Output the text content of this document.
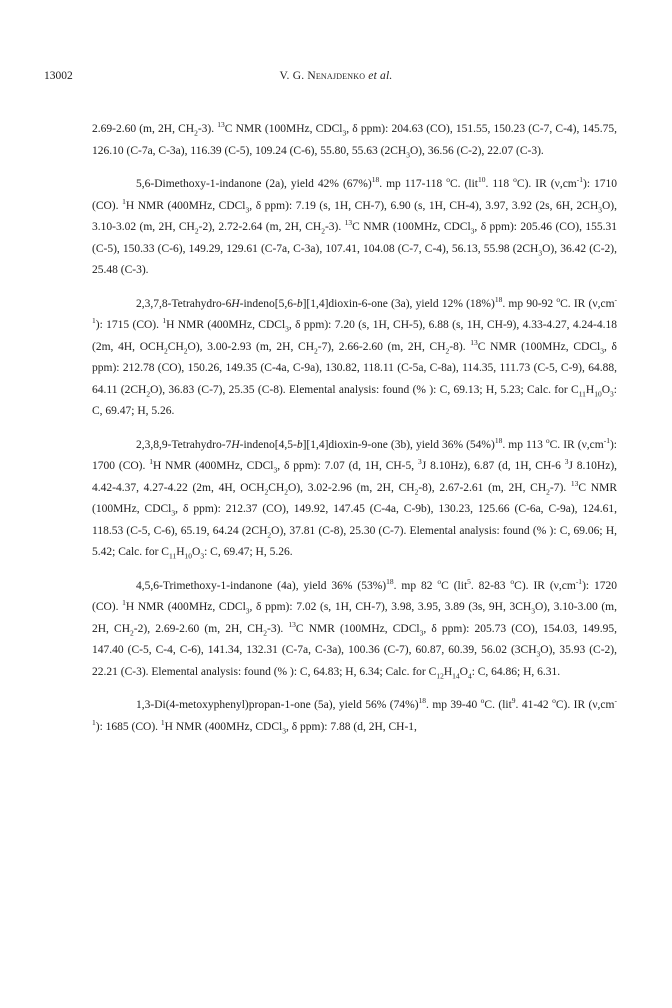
13002	V. G. Nenajdenko et al.

2.69-2.60 (m, 2H, $CH_2-3$). $^{13}$C NMR (100MHz, CDCl$_3$, δ ppm): 204.63 (CO), 151.55, 150.23 (C-7, C-4), 145.75, 126.10 (C-7a, C-3a), 116.39 (C-5), 109.24 (C-6), 55.80, 55.63 $(2CH_3O)$, 36.56 (C-2), 22.07 (C-3).

5,6-Dimethoxy-1-indanone (2a), yield 42% $(67\%)^{18}$. mp 117-118 $^o$C. (lit$^{10}$. 118 $^o$C). IR $(\nu,cm^{-1})$: 1710 (CO). $^1$H NMR (400MHz, CDCl$_3$, δ ppm): 7.19 (s, 1H, CH-7), 6.90 (s, 1H, CH-4), 3.97, 3.92 (2s, 6H, $2CH_3O$), 3.10-3.02 (m, 2H, $CH_2-2$), 2.72-2.64 (m, 2H, $CH_2-3$). $^{13}$C NMR (100MHz, CDCl$_3$, δ ppm): 205.46 (CO), 155.31 (C-5), 150.33 (C-6), 149.29, 129.61 (C-7a, C-3a), 107.41, 104.08 (C-7, C-4), 56.13, 55.98 $(2CH_3O)$, 36.42 (C-2), 25.48 (C-3).

2,3,7,8-Tetrahydro-6H-indeno[5,6-b][1,4]dioxin-6-one (3a), yield 12% $(18\%)^{18}$. mp 90-92 $^o$C. IR $(\nu,cm^{-1})$: 1715 (CO). $^1$H NMR (400MHz, CDCl$_3$, δ ppm): 7.20 (s, 1H, CH-5), 6.88 (s, 1H, CH-9), 4.33-4.27, 4.24-4.18 (2m, 4H, $OCH_2CH_2O$), 3.00-2.93 (m, 2H, $CH_2-7$), 2.66-2.60 (m, 2H, $CH_2-8$). $^{13}$C NMR (100MHz, CDCl$_3$, δ ppm): 212.78 (CO), 150.26, 149.35 (C-4a, C-9a), 130.82, 118.11 (C-5a, C-8a), 114.35, 111.73 (C-5, C-9), 64.88, 64.11 $(2CH_2O)$, 36.83 (C-7), 25.35 (C-8). Elemental analysis: found (% ): C, 69.13; H, 5.23; Calc. for $C_{11}H_{10}O_3$: C, 69.47; H, 5.26.

2,3,8,9-Tetrahydro-7H-indeno[4,5-b][1,4]dioxin-9-one (3b), yield 36% $(54\%)^{18}$. mp 113 $^o$C. IR $(\nu,cm^{-1})$: 1700 (CO). $^1$H NMR (400MHz, CDCl$_3$, δ ppm): 7.07 (d, 1H, CH-5, $^3$J 8.10Hz), 6.87 (d, 1H, CH-6 $^3$J 8.10Hz), 4.42-4.37, 4.27-4.22 (2m, 4H, $OCH_2CH_2O$), 3.02-2.96 (m, 2H, $CH_2-8$), 2.67-2.61 (m, 2H, $CH_2-7$). $^{13}$C NMR (100MHz, CDCl$_3$, δ ppm): 212.37 (CO), 149.92, 147.45 (C-4a, C-9b), 130.23, 125.66 (C-6a, C-9a), 124.61, 118.53 (C-5, C-6), 65.19, 64.24 $(2CH_2O)$, 37.81 (C-8), 25.30 (C-7). Elemental analysis: found (% ): C, 69.06; H, 5.42; Calc. for $C_{11}H_{10}O_3$: C, 69.47; H, 5.26.

4,5,6-Trimethoxy-1-indanone (4a), yield 36% $(53\%)^{18}$. mp 82 $^o$C (lit$^5$. 82-83 $^o$C). IR $(\nu,cm^{-1})$: 1720 (CO). $^1$H NMR (400MHz, CDCl$_3$, δ ppm): 7.02 (s, 1H, CH-7), 3.98, 3.95, 3.89 (3s, 9H, $3CH_3O$), 3.10-3.00 (m, 2H, $CH_2-2$), 2.69-2.60 (m, 2H, $CH_2-3$). $^{13}$C NMR (100MHz, CDCl$_3$, δ ppm): 205.73 (CO), 154.03, 149.95, 147.40 (C-5, C-4, C-6), 141.34, 132.31 (C-7a, C-3a), 100.36 (C-7), 60.87, 60.39, 56.02 $(3CH_3O)$, 35.93 (C-2), 22.21 (C-3). Elemental analysis: found (% ): C, 64.83; H, 6.34; Calc. for $C_{12}H_{14}O_4$: C, 64.86; H, 6.31.

1,3-Di(4-metoxyphenyl)propan-1-one (5a), yield 56% $(74\%)^{18}$. mp 39-40 $^o$C. (lit$^9$. 41-42 $^o$C). IR $(\nu,cm^{-1})$: 1685 (CO). $^1$H NMR (400MHz, CDCl$_3$, δ ppm): 7.88 (d, 2H, CH-1,
